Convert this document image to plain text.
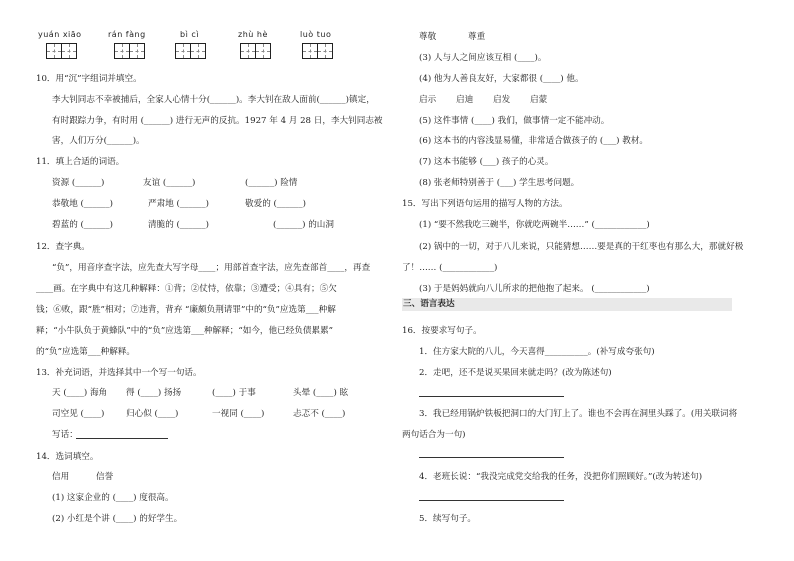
yuán xiāo	rán fàng	bì cì	zhù hè	luò tuo
10．用“沉”字组词并填空。
李大钊同志不幸被捕后，全家人心情十分(______)。李大钊在敌人面前(______)镇定，
有时跟踪力争，有时用 (______) 进行无声的反抗。1927 年 4 月 28 日，李大钊同志被
害，人们万分(______)。
11．填上合适的词语。
资源 (______)	友谊 (______)	(______) 险情
恭敬地 (______)	严肃地 (______)	敬爱的 (______)
碧蓝的 (______)	清脆的 (______)	(______) 的山洞
12．查字典。
“负”，用音序查字法，应先查大写字母____；用部首查字法，应先查部首____，再查
____画。在字典中有这几种解释：①背；②仗恃，依靠；③遭受；④具有；⑤欠
钱；⑥败，跟“胜”相对；⑦违背，背弃 “廉颇负荆请罪”中的“负”应选第___种解
释；“小牛队负于黄蜂队”中的“负”应选第___种解释；“如今，他已经负债累累”
的“负”应选第___种解释。
13．补充词语，并选择其中一个写一句话。
天 (____) 海角 得 (____) 扬扬	(____) 于事	头晕 (____) 眩
司空见 (____)	归心似 (____)	一视同 (____)	忐忑不 (____)
写话：
14．选词填空。
信用	信誉
(1) 这家企业的 (____) 度很高。
(2) 小红是个讲 (____) 的好学生。
尊敬	尊重
(3) 人与人之间应该互相 (____)。
(4) 他为人善良友好，大家都很 (____) 他。
启示 启迪 启发 启蒙
(5) 这件事情 (____) 我们，做事情一定不能冲动。
(6) 这本书的内容浅显易懂，非常适合做孩子的 (___) 教材。
(7) 这本书能够 (___) 孩子的心灵。
(8) 张老师特别善于 (___) 学生思考问题。
15．写出下列语句运用的描写人物的方法。
(1) “要不然我吃三碗半，你就吃两碗半……” (____________)
(2) 锅中的一切，对于八儿来说，只能猜想……要是真的干红枣也有那么大，那就好极
了！…… (____________)
(3) 于是妈妈就向八儿所求的把他抱了起来。 (____________)
三、语言表达
16．按要求写句子。
1．住方家大院的八儿，今天喜得__________。(补写成夸张句)
2．走吧，还不是说买果回来就走吗？(改为陈述句)
3．我已经用锅炉铁板把洞口的大门钉上了。谁也不会再在洞里头踩了。(用关联词将
两句话合为一句)
4．老班长说：“我没完成党交给我的任务，没把你们照顾好。”(改为转述句)
5．续写句子。
